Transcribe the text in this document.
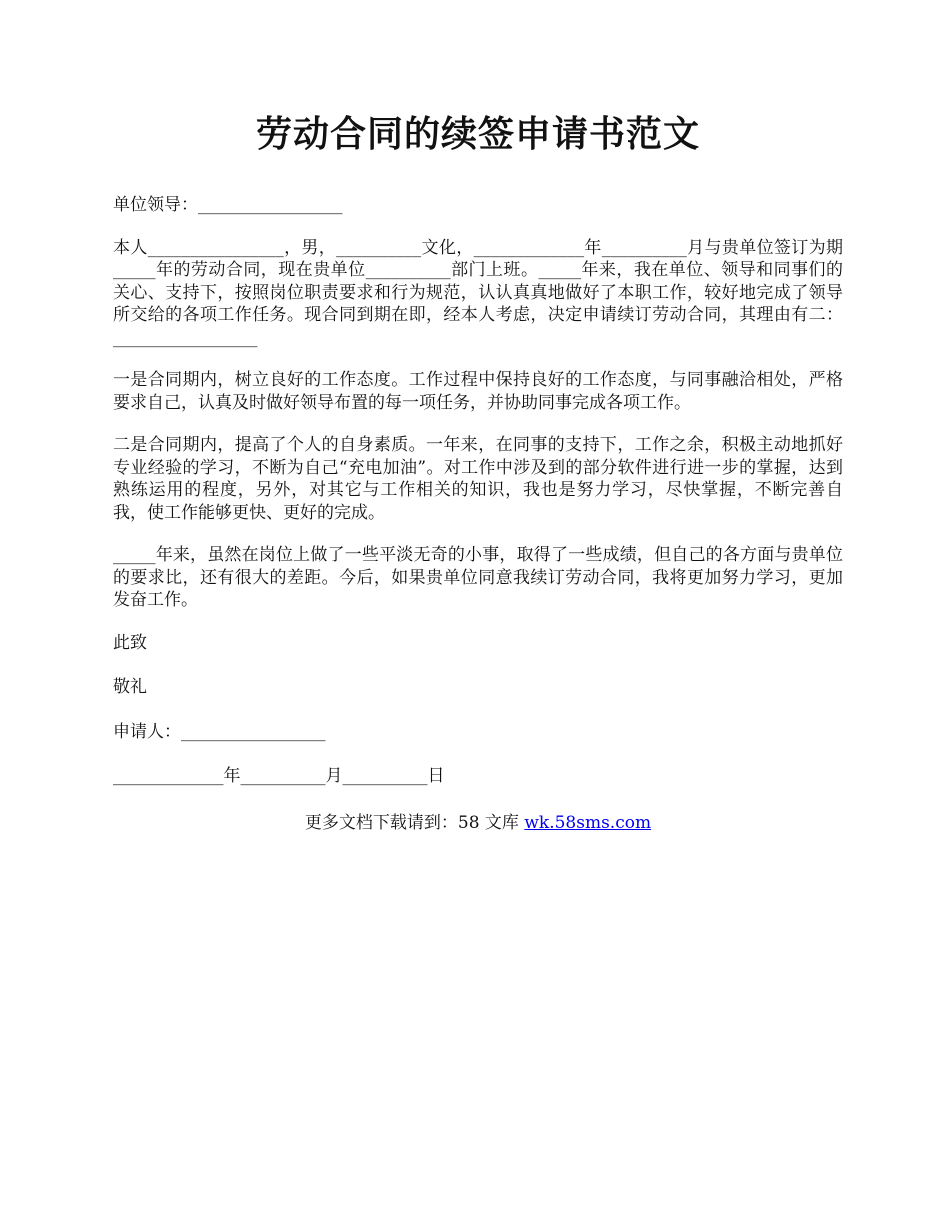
劳动合同的续签申请书范文

单位领导：_________________

本人________________，男，__________文化，_____________年__________月与贵单位签订为期_____年的劳动合同，现在贵单位__________部门上班。_____年来，我在单位、领导和同事们的关心、支持下，按照岗位职责要求和行为规范，认认真真地做好了本职工作，较好地完成了领导所交给的各项工作任务。现合同到期在即，经本人考虑，决定申请续订劳动合同，其理由有二：_________________

一是合同期内，树立良好的工作态度。工作过程中保持良好的工作态度，与同事融洽相处，严格要求自己，认真及时做好领导布置的每一项任务，并协助同事完成各项工作。

二是合同期内，提高了个人的自身素质。一年来，在同事的支持下，工作之余，积极主动地抓好专业经验的学习，不断为自己“充电加油”。对工作中涉及到的部分软件进行进一步的掌握，达到熟练运用的程度，另外，对其它与工作相关的知识，我也是努力学习，尽快掌握，不断完善自我，使工作能够更快、更好的完成。

_____年来，虽然在岗位上做了一些平淡无奇的小事，取得了一些成绩，但自己的各方面与贵单位的要求比，还有很大的差距。今后，如果贵单位同意我续订劳动合同，我将更加努力学习，更加发奋工作。

此致

敬礼

申请人：_________________

_____________年__________月__________日

更多文档下载请到：58 文库 wk.58sms.com
